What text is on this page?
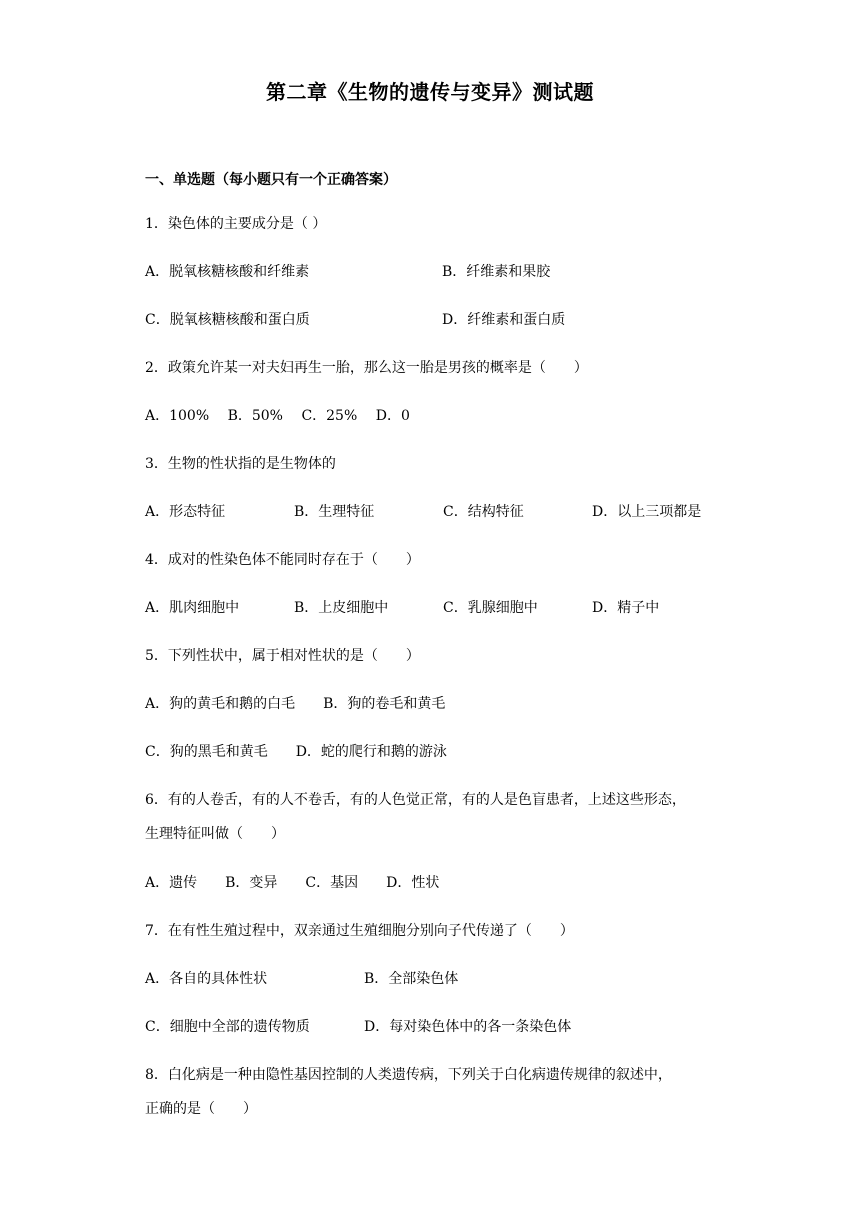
第二章《生物的遗传与变异》测试题
一、单选题（每小题只有一个正确答案）
1．染色体的主要成分是（ ）
A．脱氧核糖核酸和纤维素	B．纤维素和果胶
C．脱氧核糖核酸和蛋白质	D．纤维素和蛋白质
2．政策允许某一对夫妇再生一胎，那么这一胎是男孩的概率是（　　）
A．100%　 B．50%　 C．25%　 D．0
3．生物的性状指的是生物体的
A．形态特征	B．生理特征	C．结构特征	D．以上三项都是
4．成对的性染色体不能同时存在于（　　）
A．肌肉细胞中	B．上皮细胞中	C．乳腺细胞中	D．精子中
5．下列性状中，属于相对性状的是（　　）
A．狗的黄毛和鹅的白毛　　B．狗的卷毛和黄毛
C．狗的黑毛和黄毛　　D．蛇的爬行和鹅的游泳
6．有的人卷舌，有的人不卷舌，有的人色觉正常，有的人是色盲患者，上述这些形态，
生理特征叫做（　　）
A．遗传　　B．变异　　C．基因　　D．性状
7．在有性生殖过程中，双亲通过生殖细胞分别向子代传递了（　　）
A．各自的具体性状	B．全部染色体
C．细胞中全部的遗传物质	D．每对染色体中的各一条染色体
8．白化病是一种由隐性基因控制的人类遗传病，下列关于白化病遗传规律的叙述中，
正确的是（　　）
